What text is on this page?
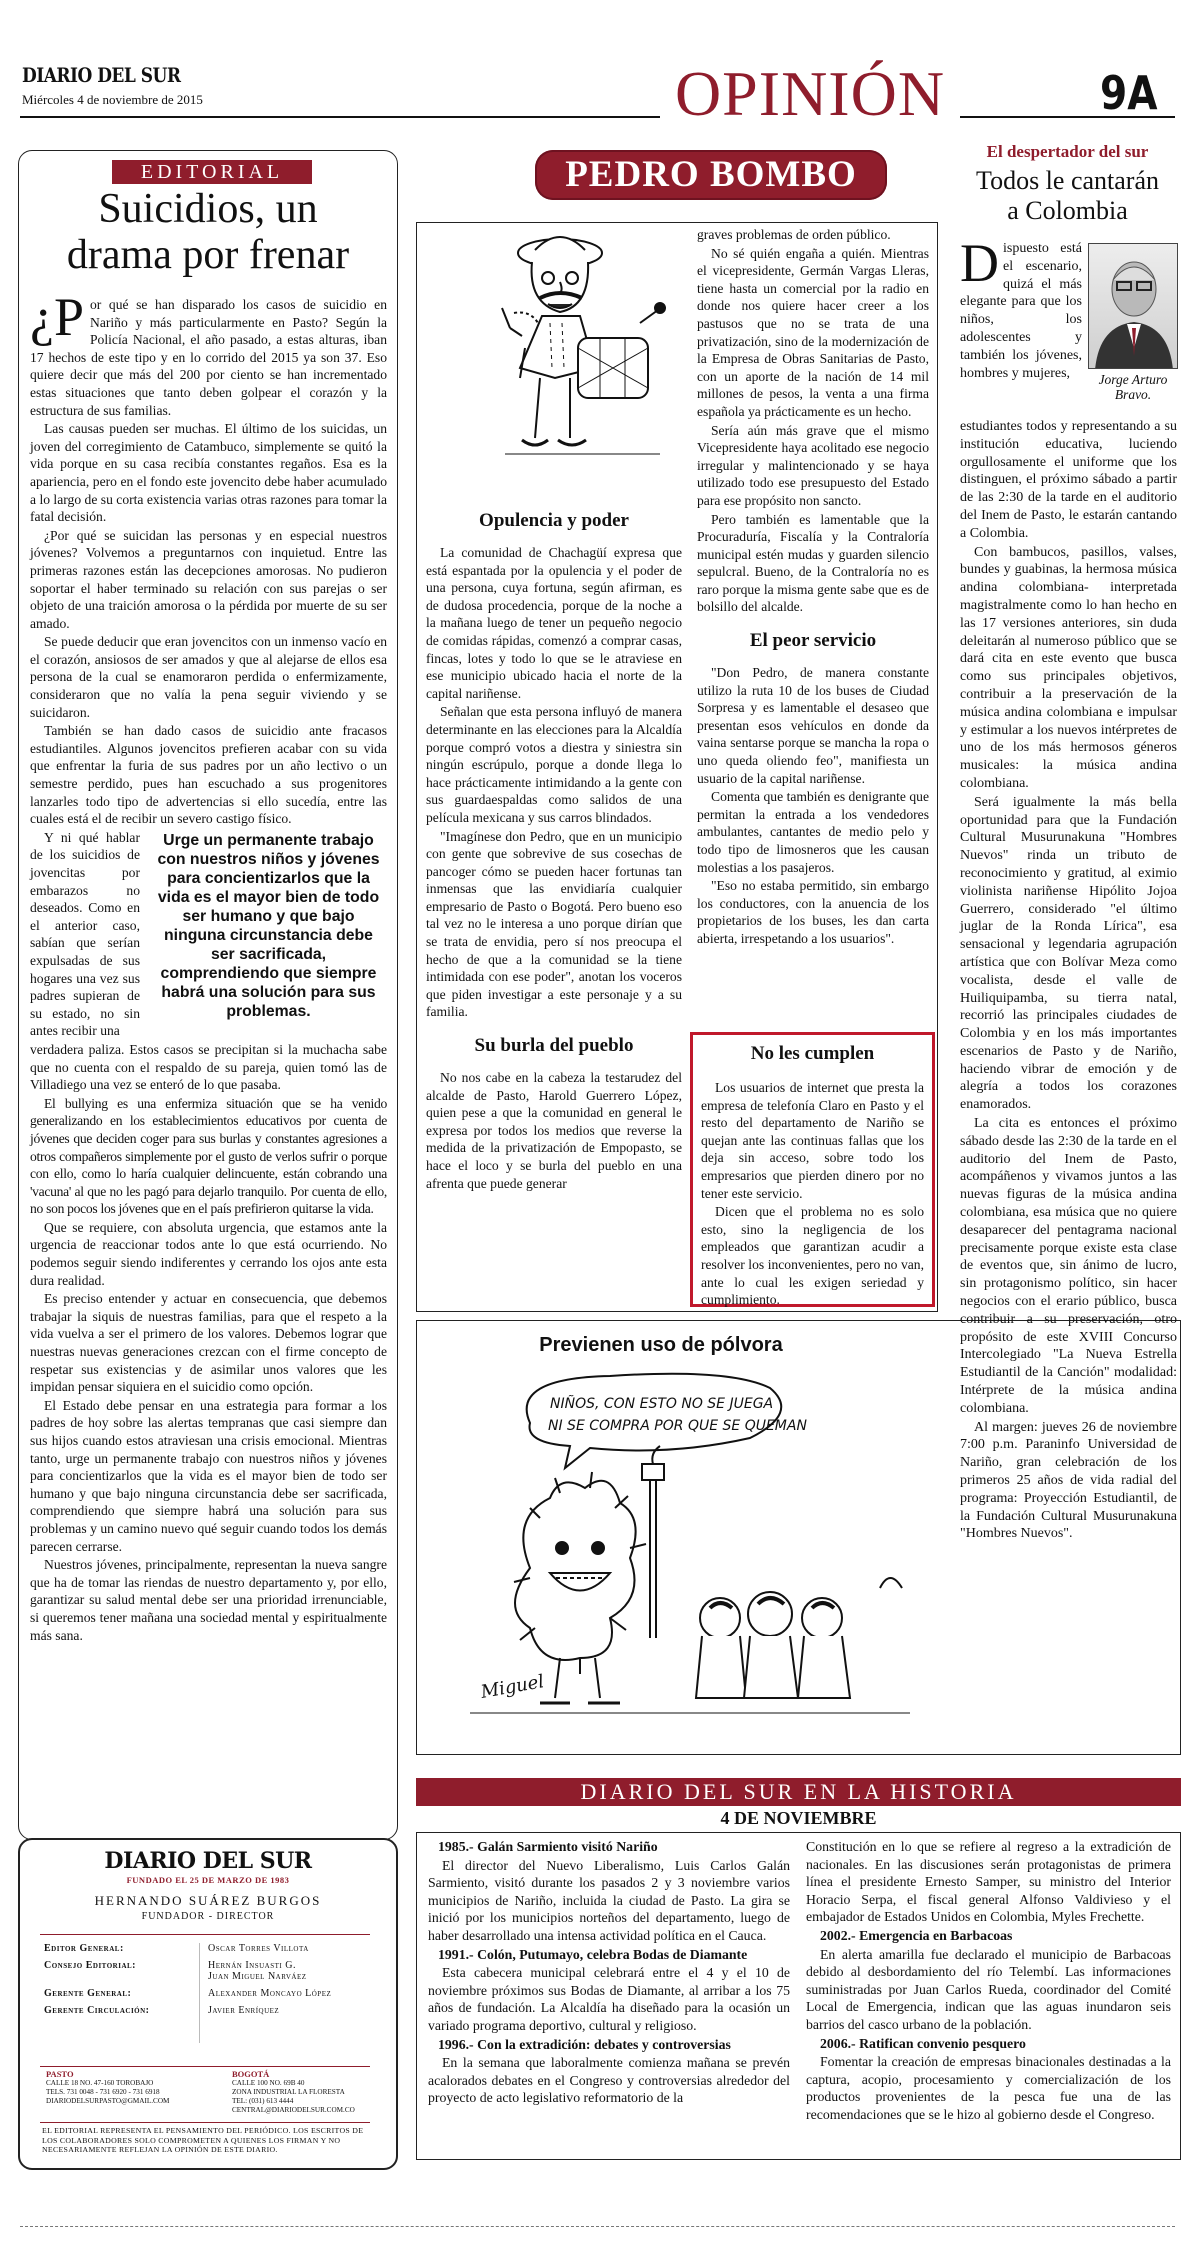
DIARIO DEL SUR
Miércoles 4 de noviembre de 2015	OPINIÓN	9A
EDITORIAL
Suicidios, un
drama por frenar
¿P or qué se han disparado los casos de suicidio en Nariño y más particularmente en Pasto? Según la Policía Nacional, el año pasado, a estas alturas, iban 17 hechos de este tipo y en lo corrido del 2015 ya son 37. Eso quiere decir que más del 200 por ciento se han incrementado estas situaciones que tanto deben golpear el corazón y la estructura de sus familias.

Las causas pueden ser muchas. El último de los suicidas, un joven del corregimiento de Catambuco, simplemente se quitó la vida porque en su casa recibía constantes regaños. Esa es la apariencia, pero en el fondo este jovencito debe haber acumulado a lo largo de su corta existencia varias otras razones para tomar la fatal decisión.

¿Por qué se suicidan las personas y en especial nuestros jóvenes? Volvemos a preguntarnos con inquietud. Entre las primeras razones están las decepciones amorosas. No pudieron soportar el haber terminado su relación con sus parejas o ser objeto de una traición amorosa o la pérdida por muerte de su ser amado.

Se puede deducir que eran jovencitos con un inmenso vacío en el corazón, ansiosos de ser amados y que al alejarse de ellos esa persona de la cual se enamoraron perdida o enfermizamente, consideraron que no valía la pena seguir viviendo y se suicidaron.

También se han dado casos de suicidio ante fracasos estudiantiles. Algunos jovencitos prefieren acabar con su vida que enfrentar la furia de sus padres por un año lectivo o un semestre perdido, pues han escuchado a sus progenitores lanzarles todo tipo de advertencias si ello sucedía, entre las cuales está el de recibir un severo castigo físico.

Y ni qué hablar de los suicidios de jovencitas por embarazos no deseados. Como en el anterior caso, sabían que serían expulsadas de sus hogares una vez sus padres supieran de su estado, no sin antes recibir una

Urge un permanente trabajo con nuestros niños y jóvenes para concientizarlos que la vida es el mayor bien de todo ser humano y que bajo ninguna circunstancia debe ser sacrificada, comprendiendo que siempre habrá una solución para sus problemas.

verdadera paliza. Estos casos se precipitan si la muchacha sabe que no cuenta con el respaldo de su pareja, quien tomó las de Villadiego una vez se enteró de lo que pasaba.

El bullying es una enfermiza situación que se ha venido generalizando en los establecimientos educativos por cuenta de jóvenes que deciden coger para sus burlas y constantes agresiones a otros compañeros simplemente por el gusto de verlos sufrir o porque con ello, como lo haría cualquier delincuente, están cobrando una 'vacuna' al que no les pagó para dejarlo tranquilo. Por cuenta de ello, no son pocos los jóvenes que en el país prefirieron quitarse la vida.

Que se requiere, con absoluta urgencia, que estamos ante la urgencia de reaccionar todos ante lo que está ocurriendo. No podemos seguir siendo indiferentes y cerrando los ojos ante esta dura realidad.

Es preciso entender y actuar en consecuencia, que debemos trabajar la siquis de nuestras familias, para que el respeto a la vida vuelva a ser el primero de los valores. Debemos lograr que nuestras nuevas generaciones crezcan con el firme concepto de respetar sus existencias y de asimilar unos valores que les impidan pensar siquiera en el suicidio como opción.

El Estado debe pensar en una estrategia para formar a los padres de hoy sobre las alertas tempranas que casi siempre dan sus hijos cuando estos atraviesan una crisis emocional. Mientras tanto, urge un permanente trabajo con nuestros niños y jóvenes para concientizarlos que la vida es el mayor bien de todo ser humano y que bajo ninguna circunstancia debe ser sacrificada, comprendiendo que siempre habrá una solución para sus problemas y un camino nuevo qué seguir cuando todos los demás parecen cerrarse.

Nuestros jóvenes, principalmente, representan la nueva sangre que ha de tomar las riendas de nuestro departamento y, por ello, garantizar su salud mental debe ser una prioridad irrenunciable, si queremos tener mañana una sociedad mental y espiritualmente más sana.

DIARIO DEL SUR
FUNDADO EL 25 DE MARZO DE 1983
HERNANDO SUÁREZ BURGOS
FUNDADOR - DIRECTOR
Editor General:	Oscar Torres Villota
Consejo Editorial:	Hernán Insuasti G.
Juan Miguel Narváez
Gerente General:	Alexander Moncayo López
Gerente Circulación:	Javier Enríquez
PASTO
CALLE 18 NO. 47-160 TOROBAJO
TELS. 731 0048 - 731 6920 - 731 6918
DIARIODELSURPASTO@GMAIL.COM
BOGOTÁ
CALLE 100 NO. 69B 40
ZONA INDUSTRIAL LA FLORESTA
TEL: (031) 613 4444
CENTRAL@DIARIODELSUR.COM.CO
EL EDITORIAL REPRESENTA EL PENSAMIENTO DEL PERIÓDICO. LOS ESCRITOS DE LOS COLABORADORES SOLO COMPROMETEN A QUIENES LOS FIRMAN Y NO NECESARIAMENTE REFLEJAN LA OPINIÓN DE ESTE DIARIO.
PEDRO BOMBO
Opulencia y poder

La comunidad de Chachagüí expresa que está espantada por la opulencia y el poder de una persona, cuya fortuna, según afirman, es de dudosa procedencia, porque de la noche a la mañana luego de tener un pequeño negocio de comidas rápidas, comenzó a comprar casas, fincas, lotes y todo lo que se le atraviese en ese municipio ubicado hacia el norte de la capital nariñense.

Señalan que esta persona influyó de manera determinante en las elecciones para la Alcaldía porque compró votos a diestra y siniestra sin ningún escrúpulo, porque a donde llega lo hace prácticamente intimidando a la gente con sus guardaespaldas como salidos de una película mexicana y sus carros blindados.

"Imagínese don Pedro, que en un municipio con gente que sobrevive de sus cosechas de pancoger cómo se pueden hacer fortunas tan inmensas que las envidiaría cualquier empresario de Pasto o Bogotá. Pero bueno eso tal vez no le interesa a uno porque dirían que se trata de envidia, pero sí nos preocupa el hecho de que a la comunidad se la tiene intimidada con ese poder", anotan los voceros que piden investigar a este personaje y a su familia.

Su burla del pueblo

No nos cabe en la cabeza la testarudez del alcalde de Pasto, Harold Guerrero López, quien pese a que la comunidad en general le expresa por todos los medios que reverse la medida de la privatización de Empopasto, se hace el loco y se burla del pueblo en una afrenta que puede generar

graves problemas de orden público.

No sé quién engaña a quién. Mientras el vicepresidente, Germán Vargas Lleras, tiene hasta un comercial por la radio en donde nos quiere hacer creer a los pastusos que no se trata de una privatización, sino de la modernización de la Empresa de Obras Sanitarias de Pasto, con un aporte de la nación de 14 mil millones de pesos, la venta a una firma española ya prácticamente es un hecho.

Sería aún más grave que el mismo Vicepresidente haya acolitado ese negocio irregular y malintencionado y se haya utilizado todo ese presupuesto del Estado para ese propósito non sancto.

Pero también es lamentable que la Procuraduría, Fiscalía y la Contraloría municipal estén mudas y guarden silencio sepulcral. Bueno, de la Contraloría no es raro porque la misma gente sabe que es de bolsillo del alcalde.

El peor servicio

"Don Pedro, de manera constante utilizo la ruta 10 de los buses de Ciudad Sorpresa y es lamentable el desaseo que presentan esos vehículos en donde da vaina sentarse porque se mancha la ropa o uno queda oliendo feo", manifiesta un usuario de la capital nariñense.

Comenta que también es denigrante que permitan la entrada a los vendedores ambulantes, cantantes de medio pelo y todo tipo de limosneros que les causan molestias a los pasajeros.

"Eso no estaba permitido, sin embargo los conductores, con la anuencia de los propietarios de los buses, les dan carta abierta, irrespetando a los usuarios".

No les cumplen

Los usuarios de internet que presta la empresa de telefonía Claro en Pasto y el resto del departamento de Nariño se quejan ante las continuas fallas que los deja sin acceso, sobre todo los empresarios que pierden dinero por no tener este servicio.

Dicen que el problema no es solo esto, sino la negligencia de los empleados que garantizan acudir a resolver los inconvenientes, pero no van, ante lo cual les exigen seriedad y cumplimiento.

Previenen uso de pólvora
NIÑOS, CON ESTO NO SE JUEGA
NI SE COMPRA POR QUE SE QUEMAN
Miguel
El despertador del sur
Todos le cantarán
a Colombia
Jorge Arturo Bravo.
D ispuesto está el escenario, quizá el más elegante para que los niños, los adolescentes y también los jóvenes, hombres y mujeres,

estudiantes todos y representando a su institución educativa, luciendo orgullosamente el uniforme que los distinguen, el próximo sábado a partir de las 2:30 de la tarde en el auditorio del Inem de Pasto, le estarán cantando a Colombia.

Con bambucos, pasillos, valses, bundes y guabinas, la hermosa música andina colombiana- interpretada magistralmente como lo han hecho en las 17 versiones anteriores, sin duda deleitarán al numeroso público que se dará cita en este evento que busca como sus principales objetivos, contribuir a la preservación de la música andina colombiana e impulsar y estimular a los nuevos intérpretes de uno de los más hermosos géneros musicales: la música andina colombiana.

Será igualmente la más bella oportunidad para que la Fundación Cultural Musurunakuna "Hombres Nuevos" rinda un tributo de reconocimiento y gratitud, al eximio violinista nariñense Hipólito Jojoa Guerrero, considerado "el último juglar de la Ronda Lírica", esa sensacional y legendaria agrupación artística que con Bolívar Meza como vocalista, desde el valle de Huiliquipamba, su tierra natal, recorrió las principales ciudades de Colombia y en los más importantes escenarios de Pasto y de Nariño, haciendo vibrar de emoción y de alegría a todos los corazones enamorados.

La cita es entonces el próximo sábado desde las 2:30 de la tarde en el auditorio del Inem de Pasto, acompáñenos y vivamos juntos a las nuevas figuras de la música andina colombiana, esa música que no quiere desaparecer del pentagrama nacional precisamente porque existe esta clase de eventos que, sin ánimo de lucro, sin protagonismo político, sin hacer negocios con el erario público, busca contribuir a su preservación, otro propósito de este XVIII Concurso Intercolegiado "La Nueva Estrella Estudiantil de la Canción" modalidad: Intérprete de la música andina colombiana.

Al margen: jueves 26 de noviembre 7:00 p.m. Paraninfo Universidad de Nariño, gran celebración de los primeros 25 años de vida radial del programa: Proyección Estudiantil, de la Fundación Cultural Musurunakuna "Hombres Nuevos".

DIARIO DEL SUR EN LA HISTORIA
4 DE NOVIEMBRE

1985.- Galán Sarmiento visitó Nariño

El director del Nuevo Liberalismo, Luis Carlos Galán Sarmiento, visitó durante los pasados 2 y 3 noviembre varios municipios de Nariño, incluida la ciudad de Pasto. La gira se inició por los municipios norteños del departamento, luego de haber desarrollado una intensa actividad política en el Cauca.

1991.- Colón, Putumayo, celebra Bodas de Diamante

Esta cabecera municipal celebrará entre el 4 y el 10 de noviembre próximos sus Bodas de Diamante, al arribar a los 75 años de fundación. La Alcaldía ha diseñado para la ocasión un variado programa deportivo, cultural y religioso.

1996.- Con la extradición: debates y controversias

En la semana que laboralmente comienza mañana se prevén acalorados debates en el Congreso y controversias alrededor del proyecto de acto legislativo reformatorio de la

Constitución en lo que se refiere al regreso a la extradición de nacionales. En las discusiones serán protagonistas de primera línea el presidente Ernesto Samper, su ministro del Interior Horacio Serpa, el fiscal general Alfonso Valdivieso y el embajador de Estados Unidos en Colombia, Myles Frechette.

2002.- Emergencia en Barbacoas

En alerta amarilla fue declarado el municipio de Barbacoas debido al desbordamiento del río Telembí. Las informaciones suministradas por Juan Carlos Rueda, coordinador del Comité Local de Emergencia, indican que las aguas inundaron seis barrios del casco urbano de la población.

2006.- Ratifican convenio pesquero

Fomentar la creación de empresas binacionales destinadas a la captura, acopio, procesamiento y comercialización de los productos provenientes de la pesca fue una de las recomendaciones que se le hizo al gobierno desde el Congreso.
